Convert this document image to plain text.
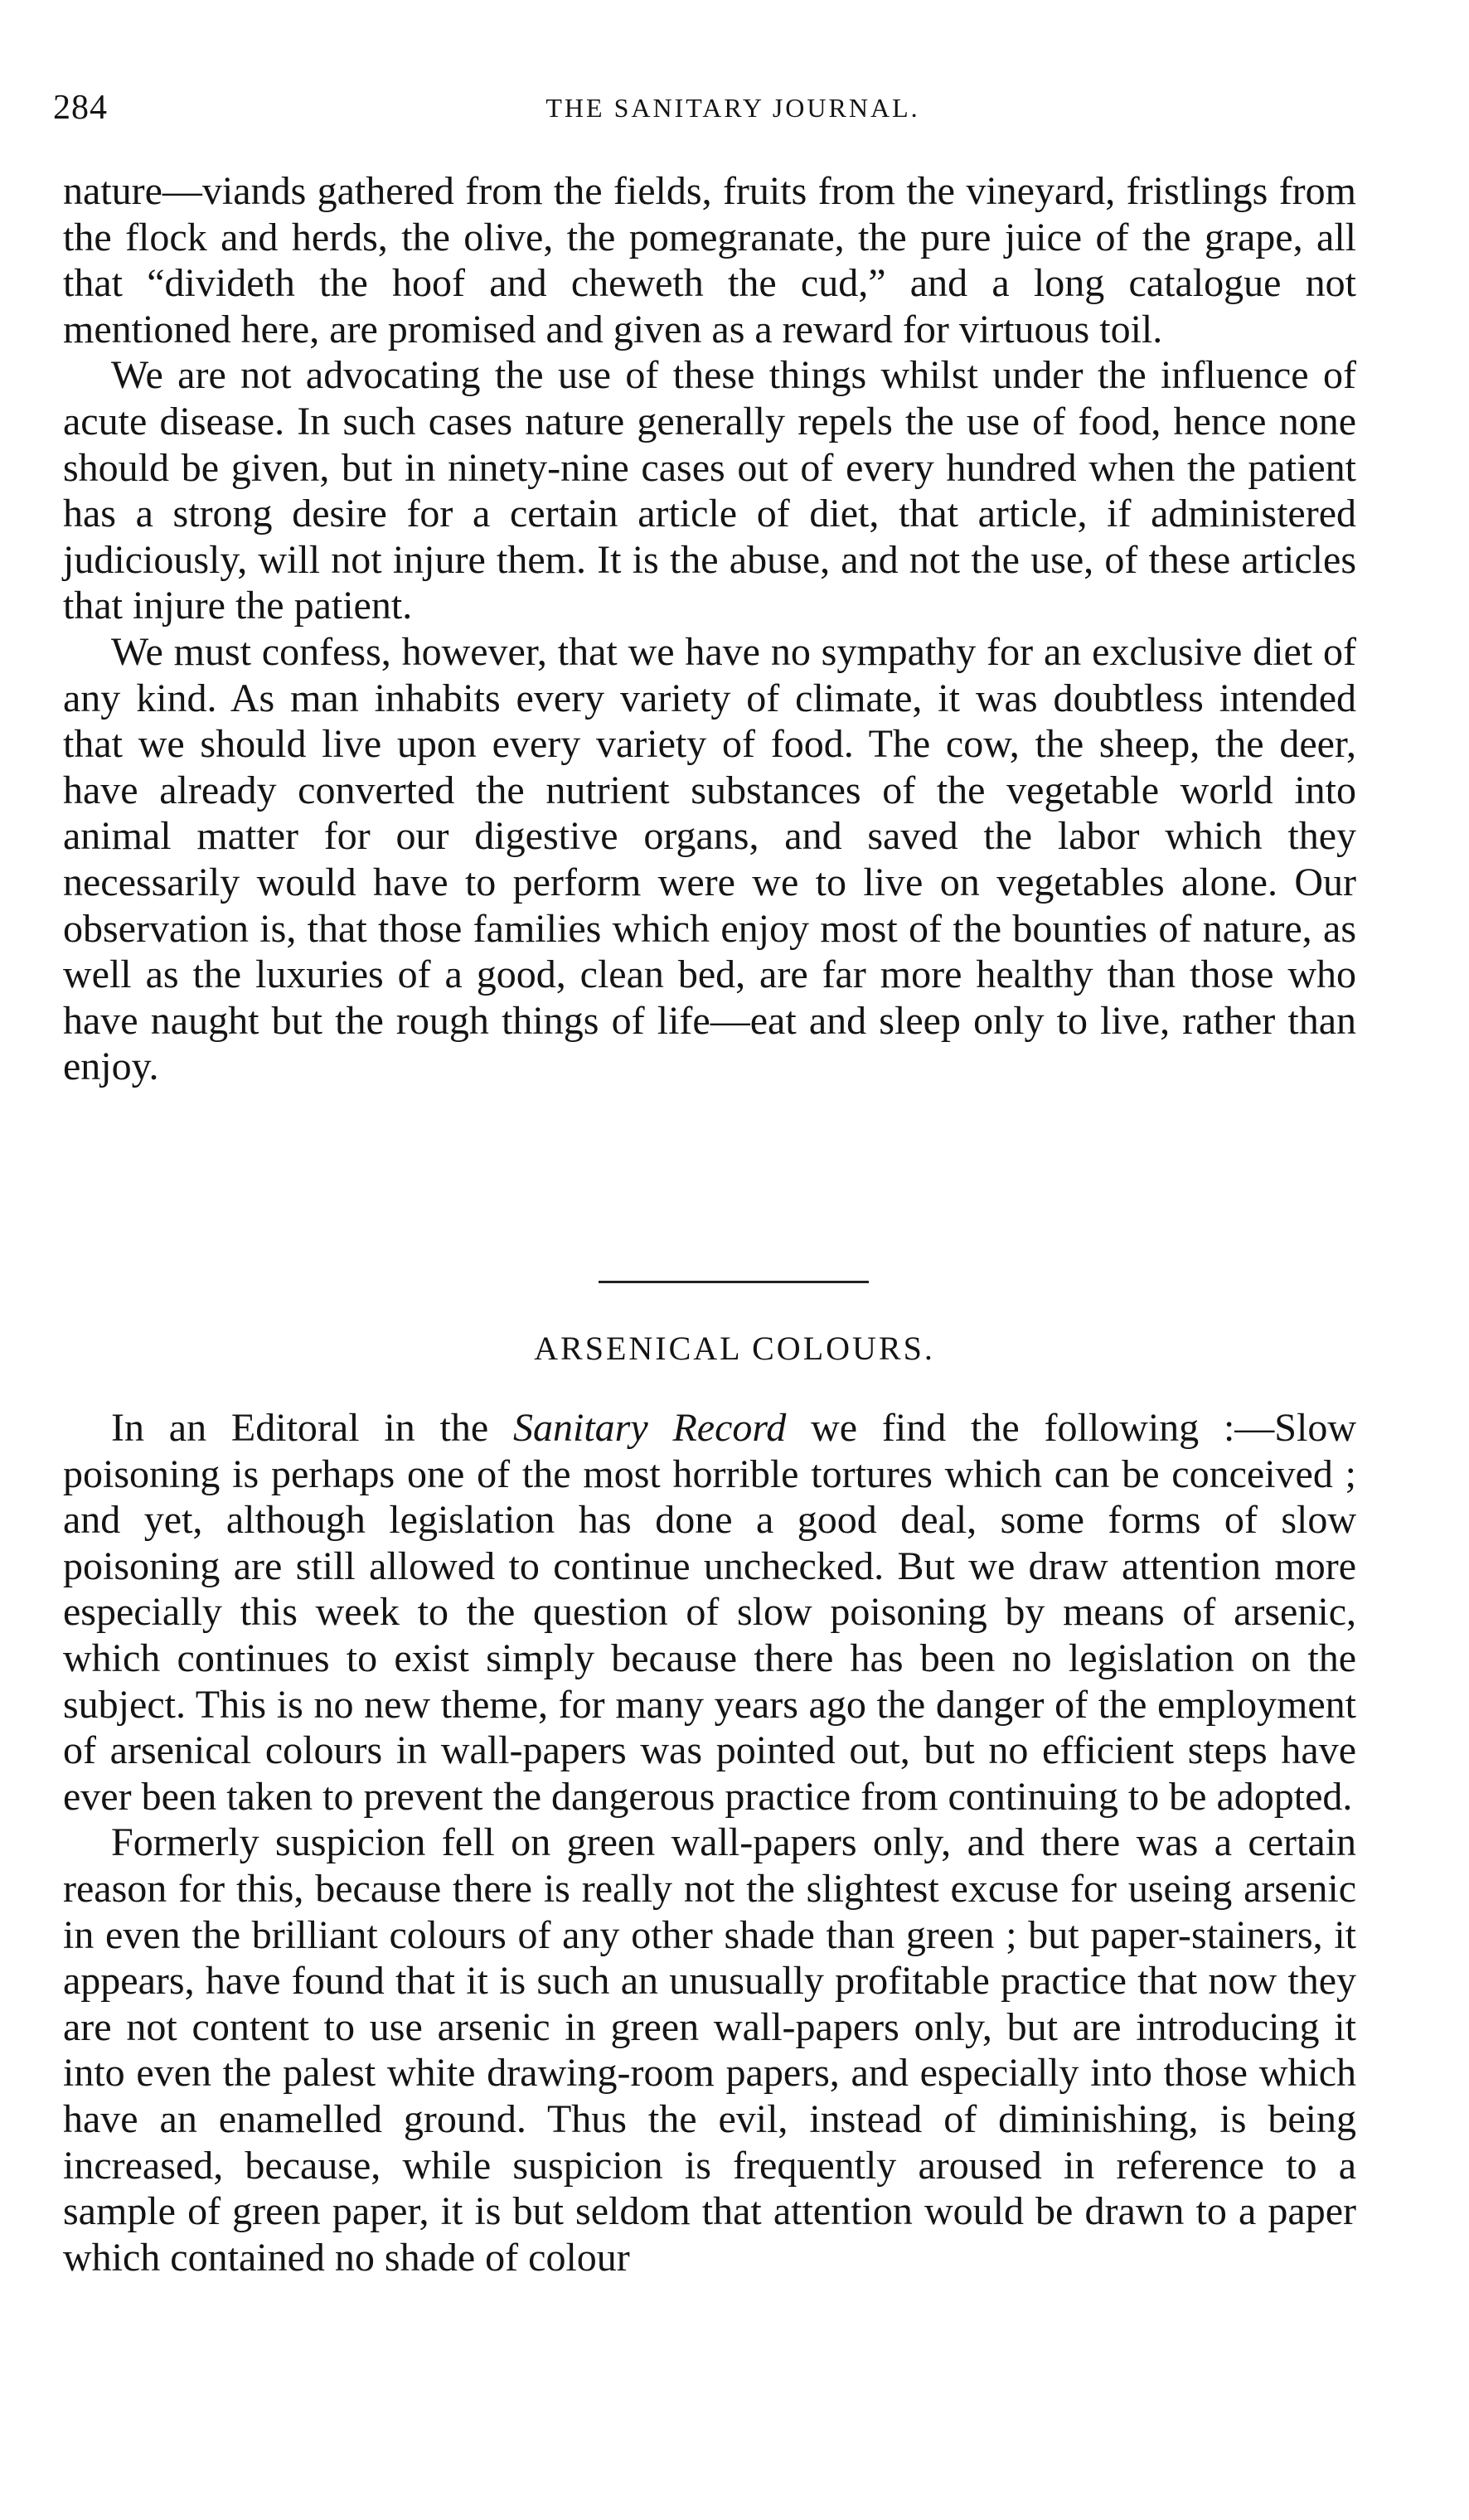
284	THE SANITARY JOURNAL.

nature—viands gathered from the fields, fruits from the vineyard, fristlings from the flock and herds, the olive, the pomegranate, the pure juice of the grape, all that “divideth the hoof and cheweth the cud,” and a long catalogue not mentioned here, are promised and given as a reward for virtuous toil.

We are not advocating the use of these things whilst under the influence of acute disease. In such cases nature generally repels the use of food, hence none should be given, but in ninety-nine cases out of every hundred when the patient has a strong desire for a certain article of diet, that article, if administered judiciously, will not injure them. It is the abuse, and not the use, of these articles that injure the patient.

We must confess, however, that we have no sympathy for an exclusive diet of any kind. As man inhabits every variety of climate, it was doubtless intended that we should live upon every variety of food. The cow, the sheep, the deer, have already converted the nutrient substances of the vegetable world into animal matter for our digestive organs, and saved the labor which they necessarily would have to perform were we to live on vegetables alone. Our observation is, that those families which enjoy most of the bounties of nature, as well as the luxuries of a good, clean bed, are far more healthy than those who have naught but the rough things of life—eat and sleep only to live, rather than enjoy.

ARSENICAL COLOURS.

In an Editoral in the Sanitary Record we find the following :—Slow poisoning is perhaps one of the most horrible tortures which can be conceived ; and yet, although legislation has done a good deal, some forms of slow poisoning are still allowed to continue unchecked. But we draw attention more especially this week to the question of slow poisoning by means of arsenic, which continues to exist simply because there has been no legislation on the subject. This is no new theme, for many years ago the danger of the employment of arsenical colours in wall-papers was pointed out, but no efficient steps have ever been taken to prevent the dangerous practice from continuing to be adopted.

Formerly suspicion fell on green wall-papers only, and there was a certain reason for this, because there is really not the slightest excuse for useing arsenic in even the brilliant colours of any other shade than green ; but paper-stainers, it appears, have found that it is such an unusually profitable practice that now they are not content to use arsenic in green wall-papers only, but are introducing it into even the palest white drawing-room papers, and especially into those which have an enamelled ground. Thus the evil, instead of diminishing, is being increased, because, while suspicion is frequently aroused in reference to a sample of green paper, it is but seldom that attention would be drawn to a paper which contained no shade of colour
